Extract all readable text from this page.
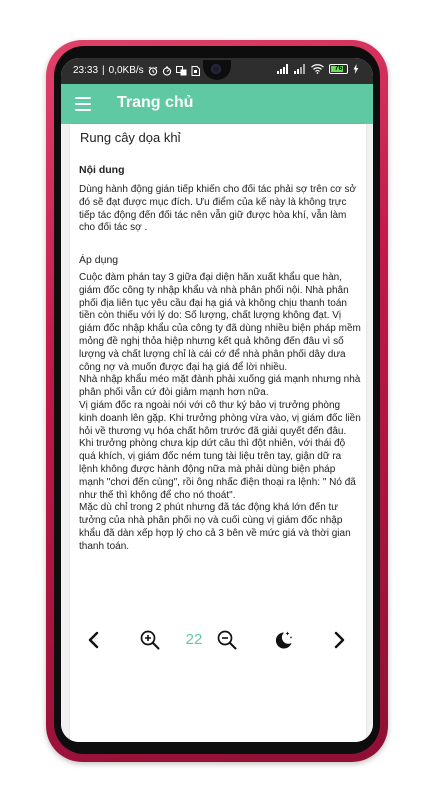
23:33 | 0,0KB/s	76
Trang chủ
Rung cây dọa khỉ
Nội dung
Dùng hành động gián tiếp khiến cho đối tác phải sợ trên cơ sở đó sẽ đạt được mục đích. Ưu điểm của kế này là không trực tiếp tác động đến đối tác nên vẫn giữ được hòa khí, vẫn làm cho đối tác sợ .
Áp dụng

Cuộc đàm phán tay 3 giữa đại diện hãn xuất khẩu que hàn, giám đốc công ty nhập khẩu và nhà phân phối nội. Nhà phân phối địa liên tục yêu cầu đại hạ giá và không chịu thanh toán tiền còn thiếu với lý do: Số lượng, chất lượng không đạt. Vị giám đốc nhập khẩu của công ty đã dùng nhiều biện pháp mềm mỏng đề nghị thỏa hiệp nhưng kết quả không đến đâu vì số lượng và chất lượng chỉ là cái cớ để nhà phân phối dây dưa công nợ và muốn được đại hạ giá để lời nhiều.

Nhà nhập khẩu méo mặt đành phải xuống giá mạnh nhưng nhà phân phối vẫn cứ đòi giảm mạnh hơn nữa.

Vị giám đốc ra ngoài nói với cô thư ký bảo vị trưởng phòng kinh doanh lên gặp. Khi trưởng phòng vừa vào, vị giám đốc liền hỏi về thương vụ hóa chất hôm trước đã giải quyết đến đâu. Khi trưởng phòng chưa kịp dứt câu thì đột nhiên, với thái độ quá khích, vị giám đốc ném tung tài liệu trên tay, giận dữ ra lệnh không được hành động nữa mà phải dùng biện pháp mạnh "chơi đến cùng", rồi ông nhấc điện thoại ra lệnh: " Nó đã như thế thì không để cho nó thoát".

Mặc dù chỉ trong 2 phút nhưng đã tác động khá lớn đến tư tưởng của nhà phân phối nọ và cuối cùng vị giám đốc nhập khẩu đã dàn xếp hợp lý cho cả 3 bên về mức giá và thời gian thanh toán.

22
